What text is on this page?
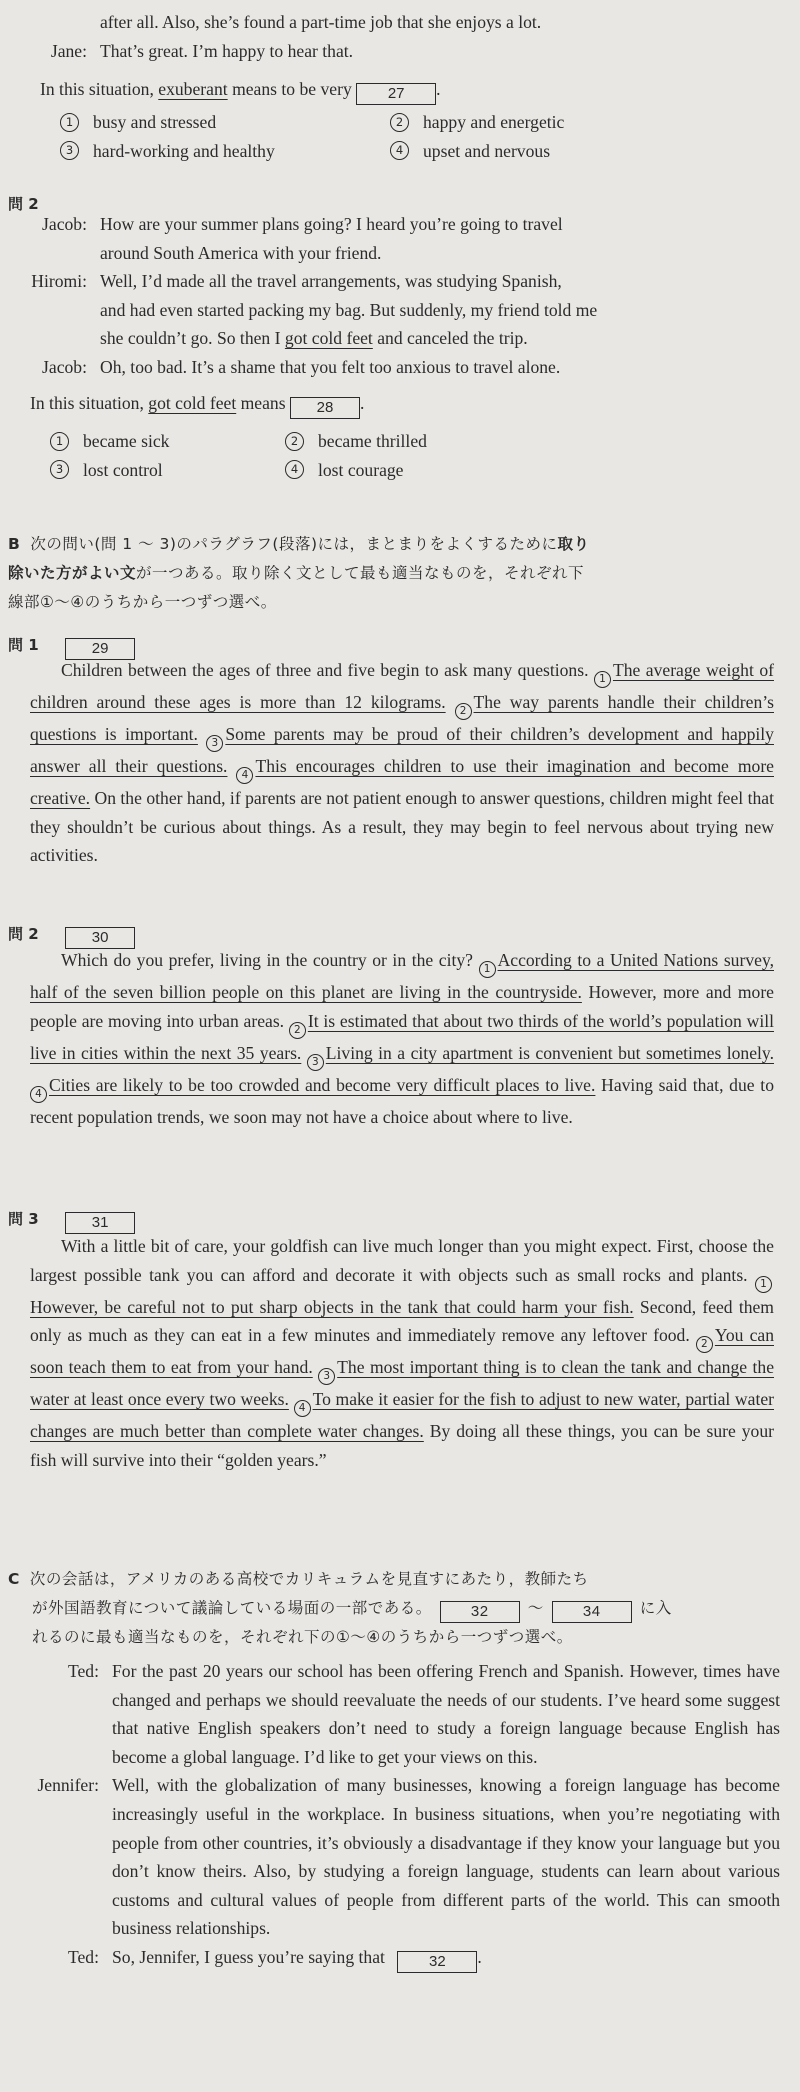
after all. Also, she’s found a part-time job that she enjoys a lot.
Jane: That’s great. I’m happy to hear that.
In this situation, exuberant means to be very 27 .
1	busy and stressed	2	happy and energetic
3	hard-working and healthy	4	upset and nervous
問 2
Jacob: How are your summer plans going? I heard you’re going to travel
around South America with your friend.
Hiromi: Well, I’d made all the travel arrangements, was studying Spanish,
and had even started packing my bag. But suddenly, my friend told me
she couldn’t go. So then I got cold feet and canceled the trip.
Jacob: Oh, too bad. It’s a shame that you felt too anxious to travel alone.
In this situation, got cold feet means 28 .
1	became sick	2	became thrilled
3	lost control	4	lost courage
B 次の問い(問 1 ～ 3)のパラグラフ(段落)には，まとまりをよくするために取り
除いた方がよい文が一つある。取り除く文として最も適当なものを，それぞれ下
線部①～④のうちから一つずつ選べ。
問 1	29
Children between the ages of three and five begin to ask many questions. 1 The average weight of children around these ages is more than 12 kilograms. 2 The way parents handle their children’s questions is important. 3 Some parents may be proud of their children’s development and happily answer all their questions. 4 This encourages children to use their imagination and become more creative. On the other hand, if parents are not patient enough to answer questions, children might feel that they shouldn’t be curious about things. As a result, they may begin to feel nervous about trying new activities.
問 2	30
Which do you prefer, living in the country or in the city? 1 According to a United Nations survey, half of the seven billion people on this planet are living in the countryside. However, more and more people are moving into urban areas. 2 It is estimated that about two thirds of the world’s population will live in cities within the next 35 years. 3 Living in a city apartment is convenient but sometimes lonely. 4 Cities are likely to be too crowded and become very difficult places to live. Having said that, due to recent population trends, we soon may not have a choice about where to live.
問 3	31
With a little bit of care, your goldfish can live much longer than you might expect. First, choose the largest possible tank you can afford and decorate it with objects such as small rocks and plants. 1However, be careful not to put sharp objects in the tank that could harm your fish. Second, feed them only as much as they can eat in a few minutes and immediately remove any leftover food. 2 You can soon teach them to eat from your hand. 3 The most important thing is to clean the tank and change the water at least once every two weeks. 4 To make it easier for the fish to adjust to new water, partial water changes are much better than complete water changes. By doing all these things, you can be sure your fish will survive into their “golden years.”
C 次の会話は，アメリカのある高校でカリキュラムを見直すにあたり，教師たち
が外国語教育について議論している場面の一部である。	32	～	34	に入
れるのに最も適当なものを，それぞれ下の①～④のうちから一つずつ選べ。
Ted: For the past 20 years our school has been offering French and Spanish. However, times have changed and perhaps we should reevaluate the needs of our students. I’ve heard some suggest that native English speakers don’t need to study a foreign language because English has become a global language. I’d like to get your views on this.
Jennifer: Well, with the globalization of many businesses, knowing a foreign language has become increasingly useful in the workplace. In business situations, when you’re negotiating with people from other countries, it’s obviously a disadvantage if they know your language but you don’t know theirs. Also, by studying a foreign language, students can learn about various customs and cultural values of people from different parts of the world. This can smooth business relationships.
Ted: So, Jennifer, I guess you’re saying that	32 .
